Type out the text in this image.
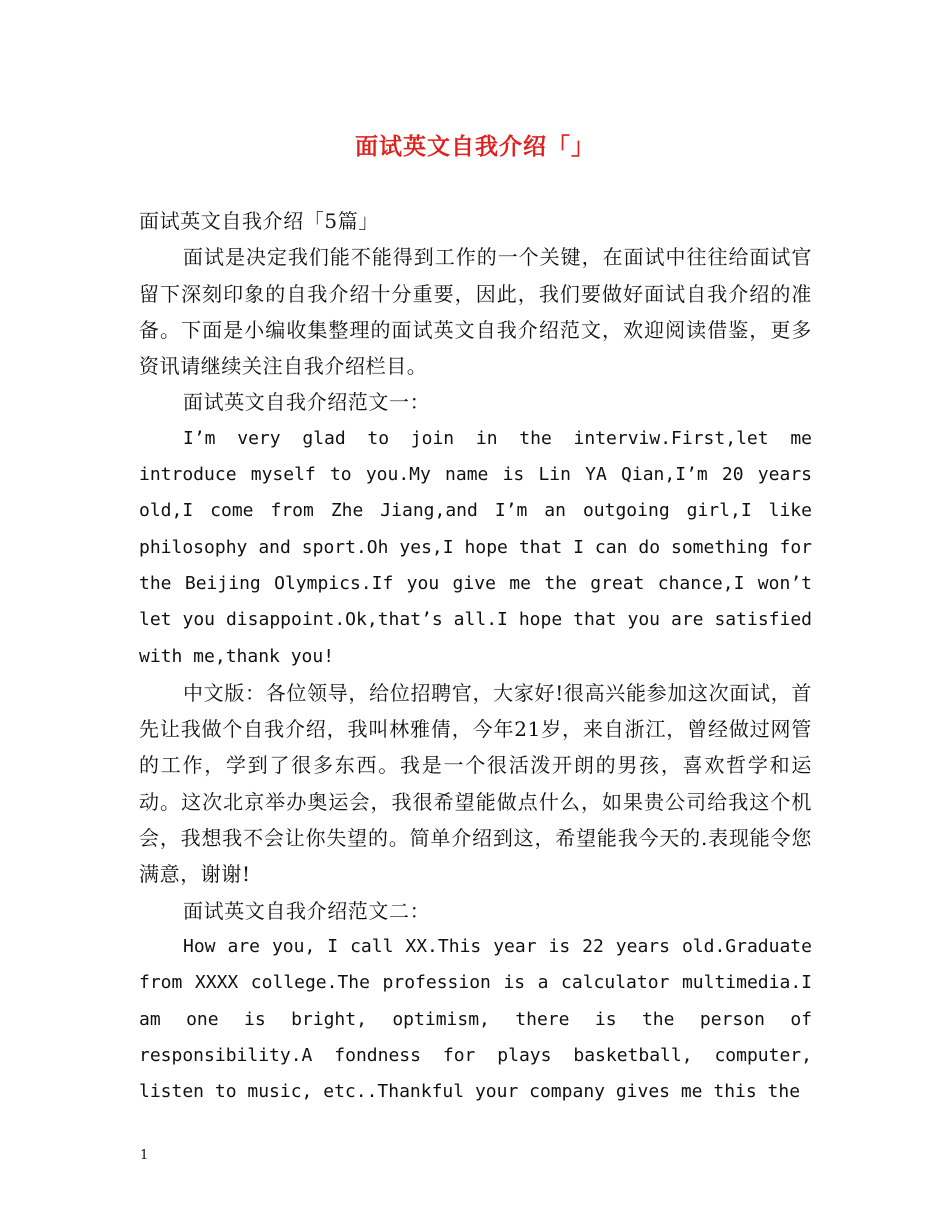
面试英文自我介绍「」

面试英文自我介绍「5篇」

面试是决定我们能不能得到工作的一个关键，在面试中往往给面试官留下深刻印象的自我介绍十分重要，因此，我们要做好面试自我介绍的准备。下面是小编收集整理的面试英文自我介绍范文，欢迎阅读借鉴，更多资讯请继续关注自我介绍栏目。

面试英文自我介绍范文一：

I’m very glad to join in the interviw.First,let me introduce myself to you.My name is Lin YA Qian,I’m 20 years old,I come from Zhe Jiang,and I’m an outgoing girl,I like philosophy and sport.Oh yes,I hope that I can do something for the Beijing Olympics.If you give me the great chance,I won’t let you disappoint.Ok,that’s all.I hope that you are satisfied with me,thank you!

中文版：各位领导，给位招聘官，大家好!很高兴能参加这次面试，首先让我做个自我介绍，我叫林雅倩，今年21岁，来自浙江，曾经做过网管的工作，学到了很多东西。我是一个很活泼开朗的男孩，喜欢哲学和运动。这次北京举办奥运会，我很希望能做点什么，如果贵公司给我这个机会，我想我不会让你失望的。简单介绍到这，希望能我今天的.表现能令您满意，谢谢!

面试英文自我介绍范文二：

How are you, I call XX.This year is 22 years old.Graduate from XXXX college.The profession is a calculator multimedia.I am one is bright, optimism, there is the person of responsibility.A fondness for plays basketball, computer, listen to music, etc..Thankful your company gives me this the

1
